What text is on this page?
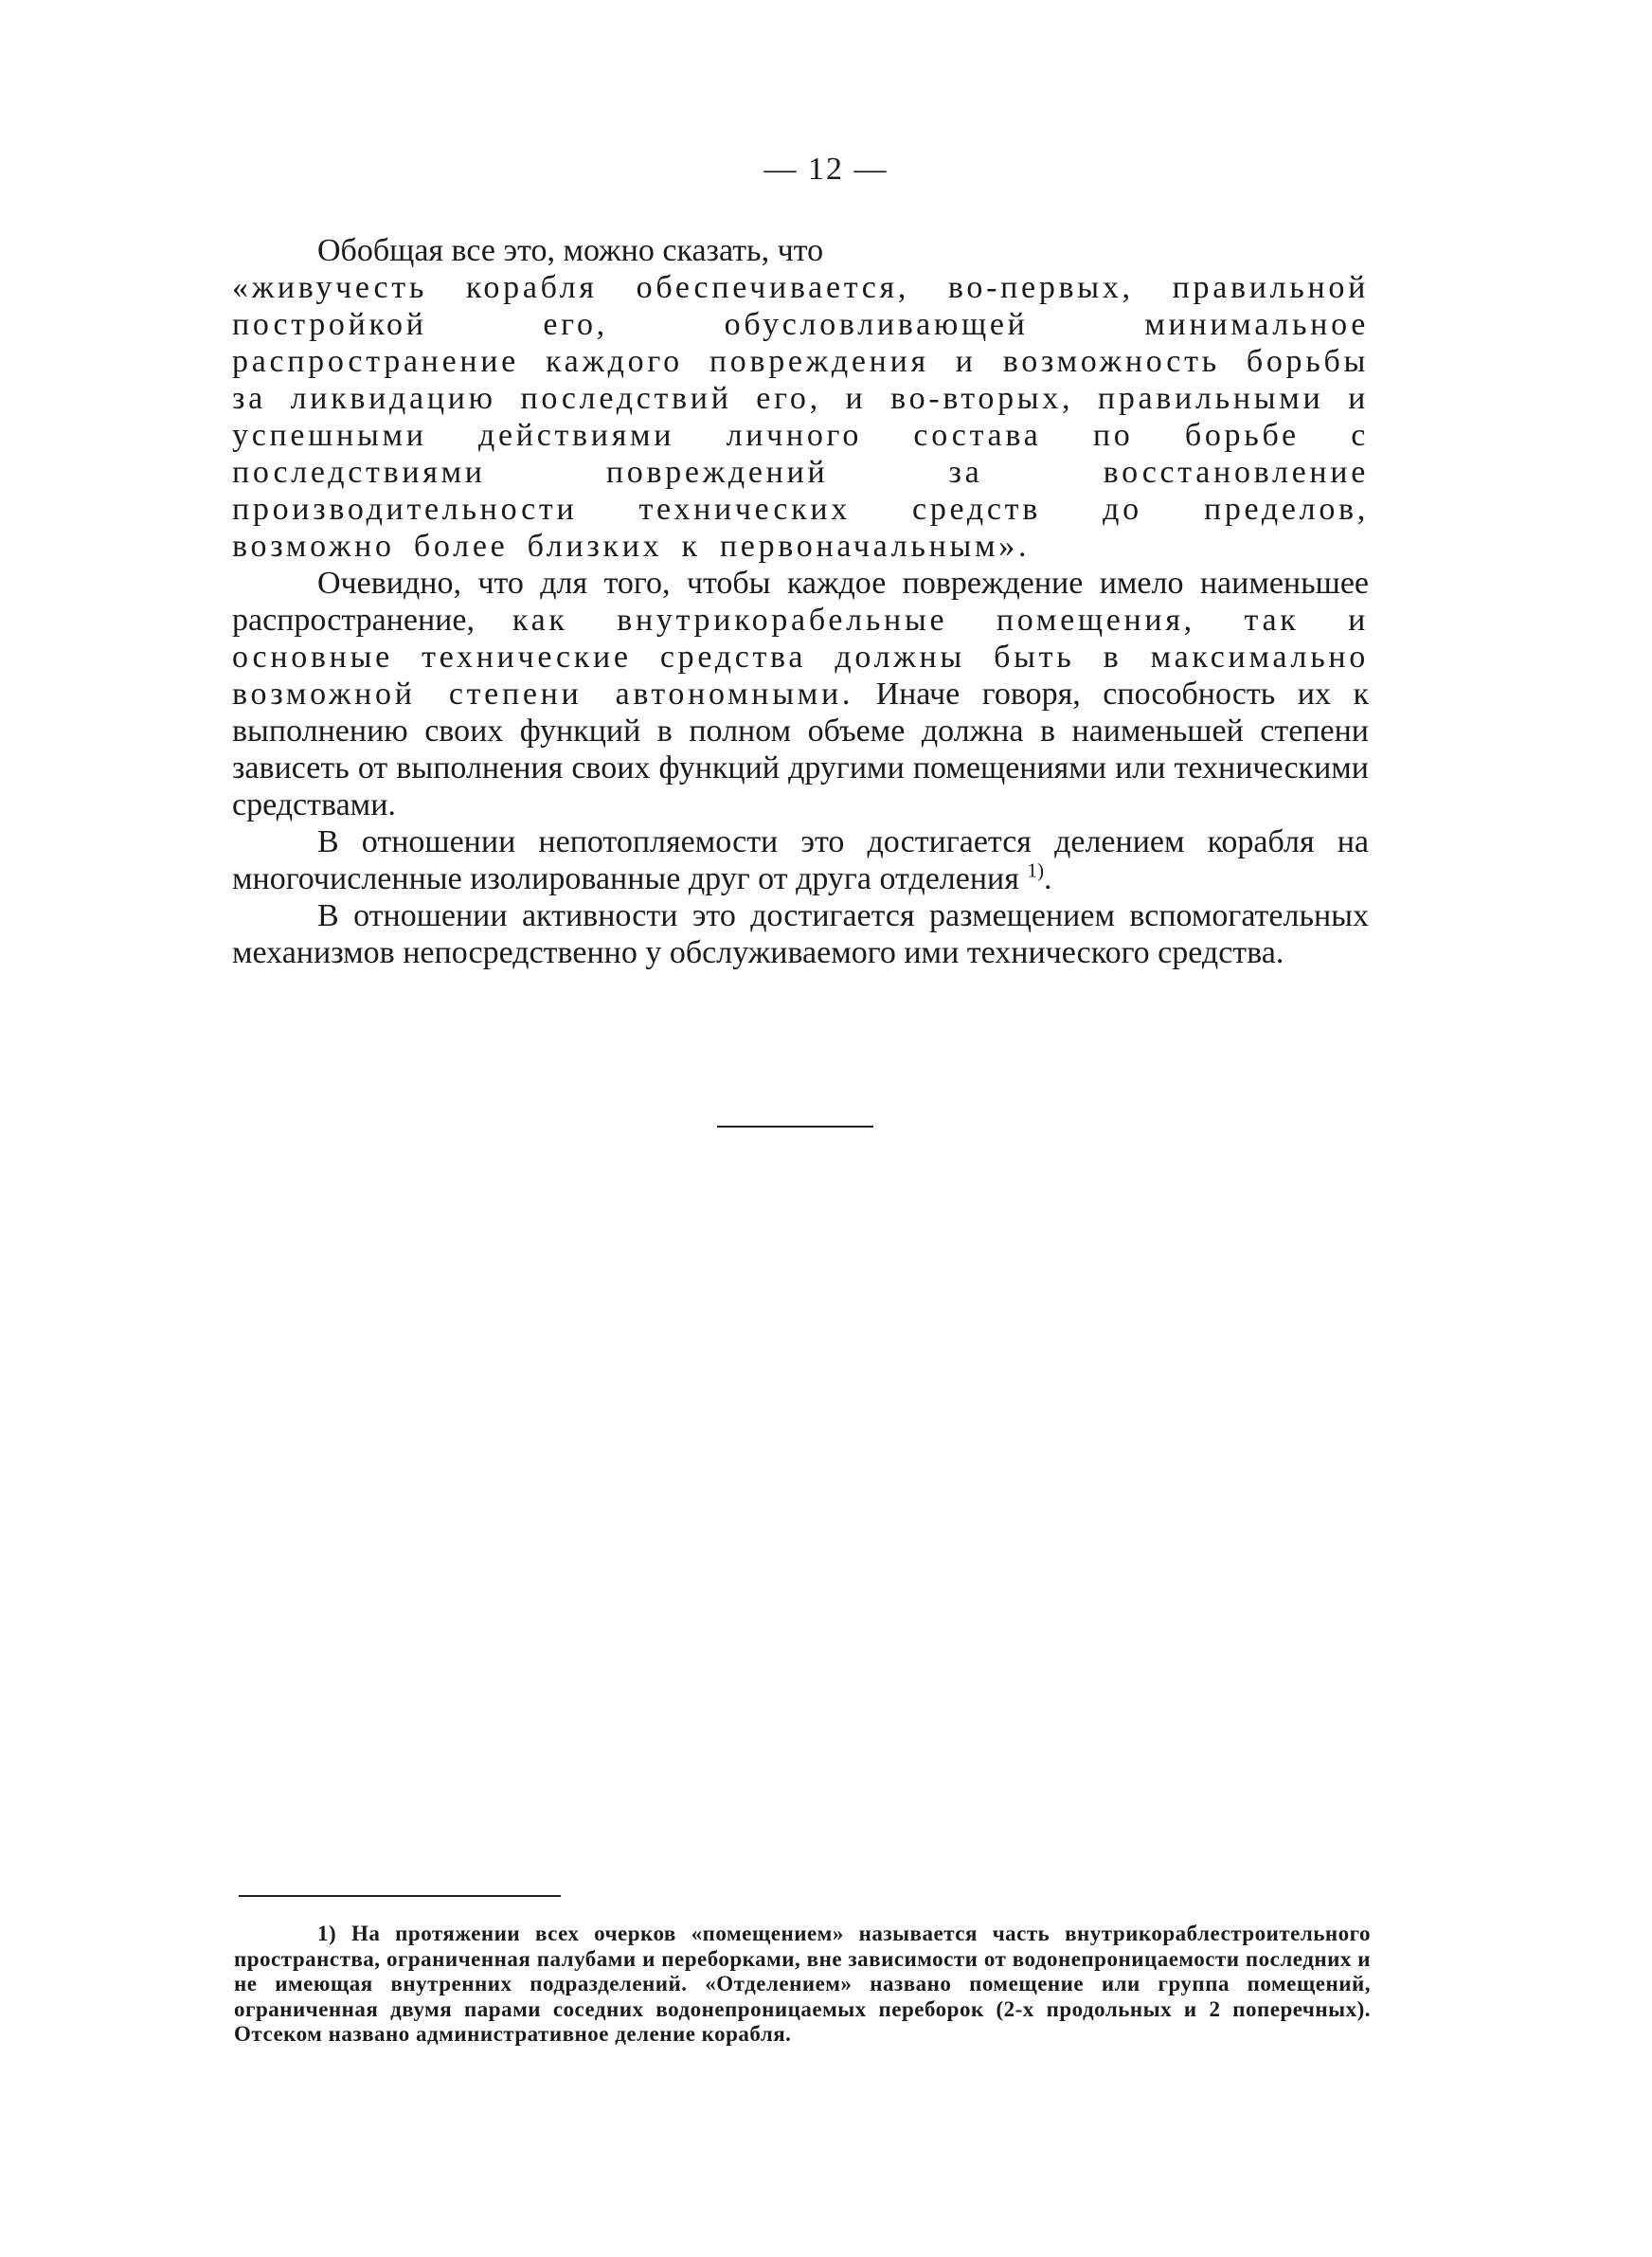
— 12 —

Обобщая все это, можно сказать, что

«живучесть корабля обеспечивается, во-первых, правильной постройкой его, обусловливающей минимальное распространение каждого повреждения и возможность борьбы за ликвидацию последствий его, и во-вторых, правильными и успешными действиями личного состава по борьбе с последствиями повреждений за восстановление производительности технических средств до пределов, возможно более близких к первоначальным».

Очевидно, что для того, чтобы каждое повреждение имело наименьшее распространение, как внутрикорабельные помещения, так и основные технические средства должны быть в максимально возможной степени автономными. Иначе говоря, способность их к выполнению своих функций в полном объеме должна в наименьшей степени зависеть от выполнения своих функций другими помещениями или техническими средствами.

В отношении непотопляемости это достигается делением корабля на многочисленные изолированные друг от друга отделения $^{1)}$.

В отношении активности это достигается размещением вспомогательных механизмов непосредственно у обслуживаемого ими технического средства.

1) На протяжении всех очерков «помещением» называется часть внутрикораблестроительного пространства, ограниченная палубами и переборками, вне зависимости от водонепроницаемости последних и не имеющая внутренних подразделений. «Отделением» названо помещение или группа помещений, ограниченная двумя парами соседних водонепроницаемых переборок (2-х продольных и 2 поперечных). Отсеком названо административное деление корабля.
